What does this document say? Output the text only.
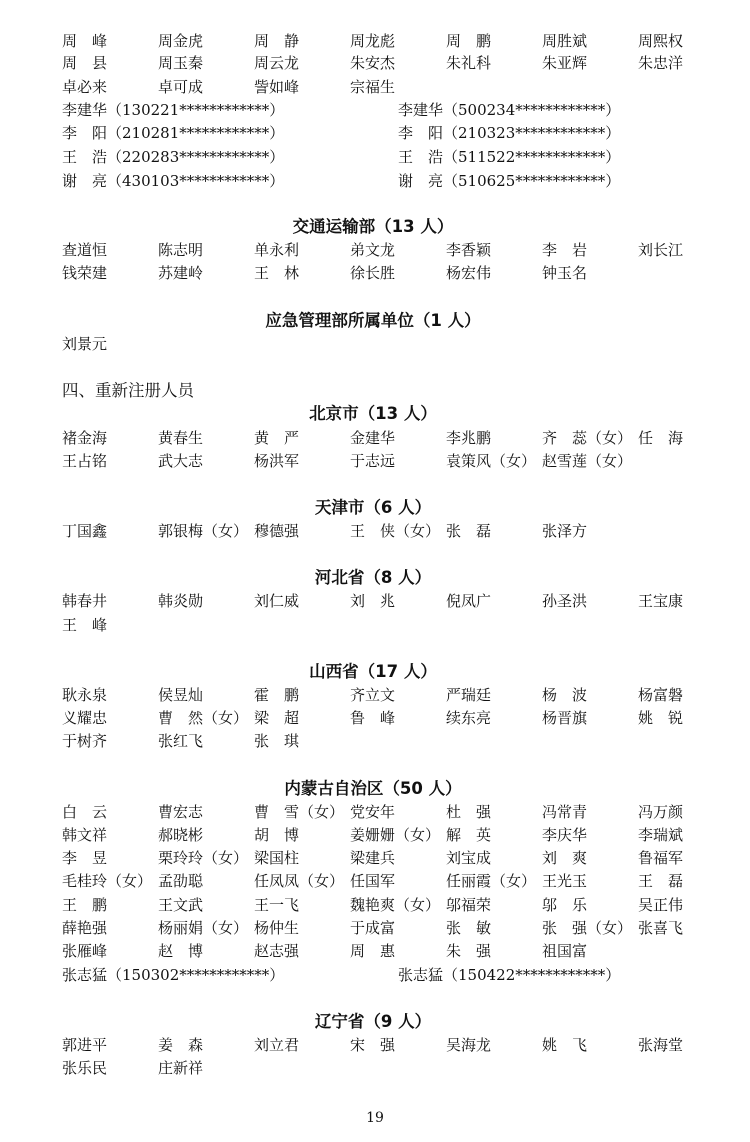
周　峰	周金虎	周　静	周龙彪	周　鹏	周胜斌	周熙权
周　县	周玉秦	周云龙	朱安杰	朱礼科	朱亚辉	朱忠洋
卓必来	卓可成	訾如峰	宗福生
李建华（130221************）	李建华（500234************）
李　阳（210281************）	李　阳（210323************）
王　浩（220283************）	王　浩（511522************）
谢　亮（430103************）	谢　亮（510625************）
交通运输部（13 人）
查道恒	陈志明	单永利	弟文龙	李香颖	李　岩	刘长江
钱荣建	苏建岭	王　林	徐长胜	杨宏伟	钟玉名
应急管理部所属单位（1 人）
刘景元
四、重新注册人员
北京市（13 人）
褚金海	黄春生	黄　严	金建华	李兆鹏	齐　蕊（女） 任　海
王占铭	武大志	杨洪军	于志远	袁策风（女） 赵雪莲（女）
天津市（6 人）
丁国鑫	郭银梅（女） 穆德强	王　侠（女） 张　磊	张泽方
河北省（8 人）
韩春井	韩炎勋	刘仁威	刘　兆	倪凤广	孙圣洪	王宝康
王　峰
山西省（17 人）
耿永泉	侯昱灿	霍　鹏	齐立文	严瑞廷	杨　波	杨富磐
义耀忠	曹　然（女） 梁　超	鲁　峰	续东亮	杨晋旗	姚　锐
于树齐	张红飞	张　琪
内蒙古自治区（50 人）
白　云	曹宏志	曹　雪（女） 党安年	杜　强	冯常青	冯万颜
韩文祥	郝晓彬	胡　博	姜姗姗（女） 解　英	李庆华	李瑞斌
李　昱	栗玲玲（女） 梁国柱	梁建兵	刘宝成	刘　爽	鲁福军
毛桂玲（女） 孟劭聪	任凤凤（女） 任国军	任丽霞（女） 王光玉	王　磊
王　鹏	王文武	王一飞	魏艳爽（女） 邬福荣	邬　乐	吴正伟
薛艳强	杨丽娟（女） 杨仲生	于成富	张　敏	张　强（女） 张喜飞
张雁峰	赵　博	赵志强	周　惠	朱　强	祖国富
张志猛（150302************）	张志猛（150422************）
辽宁省（9 人）
郭进平	姜　森	刘立君	宋　强	吴海龙	姚　飞	张海堂
张乐民	庄新祥
19
